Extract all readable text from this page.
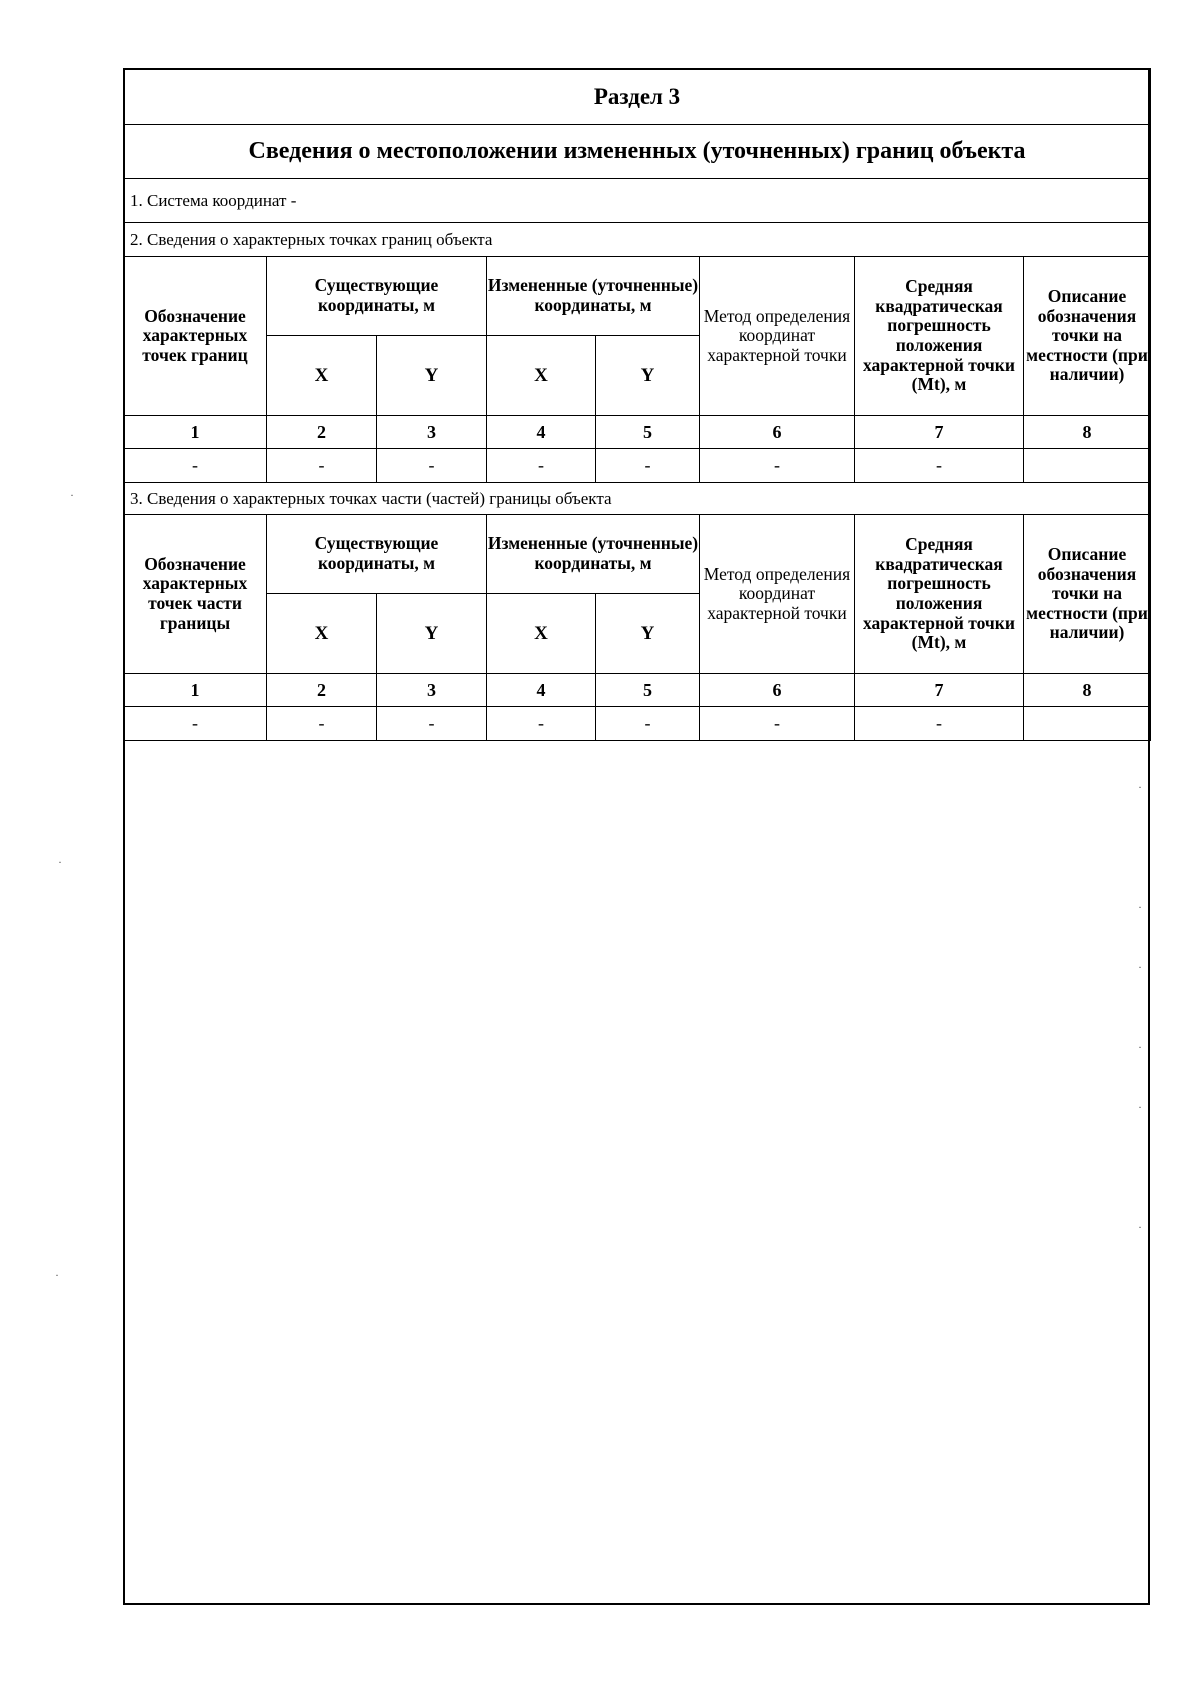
Раздел 3							
Сведения о местоположении измененных (уточненных) границ объекта							
1. Система координат -							
2. Сведения о характерных точках границ объекта							
Обозначение характерных точек границ	Существующие координаты, м		Измененные (уточненные) координаты, м		Метод определения координат характерной точки	Средняя квадратическая погрешность положения характерной точки (Mt), м	Описание обозначения точки на местности (при наличии)
	X	Y	X	Y			
1	2	3	4	5	6	7	8
-	-	-	-	-	-	-	
3. Сведения о характерных точках части (частей) границы объекта							
Обозначение характерных точек части границы	Существующие координаты, м		Измененные (уточненные) координаты, м		Метод определения координат характерной точки	Средняя квадратическая погрешность положения характерной точки (Mt), м	Описание обозначения точки на местности (при наличии)
	X	Y	X	Y			
1	2	3	4	5	6	7	8
-	-	-	-	-	-	-	
·
·
·
·
·
·
·
·
·
